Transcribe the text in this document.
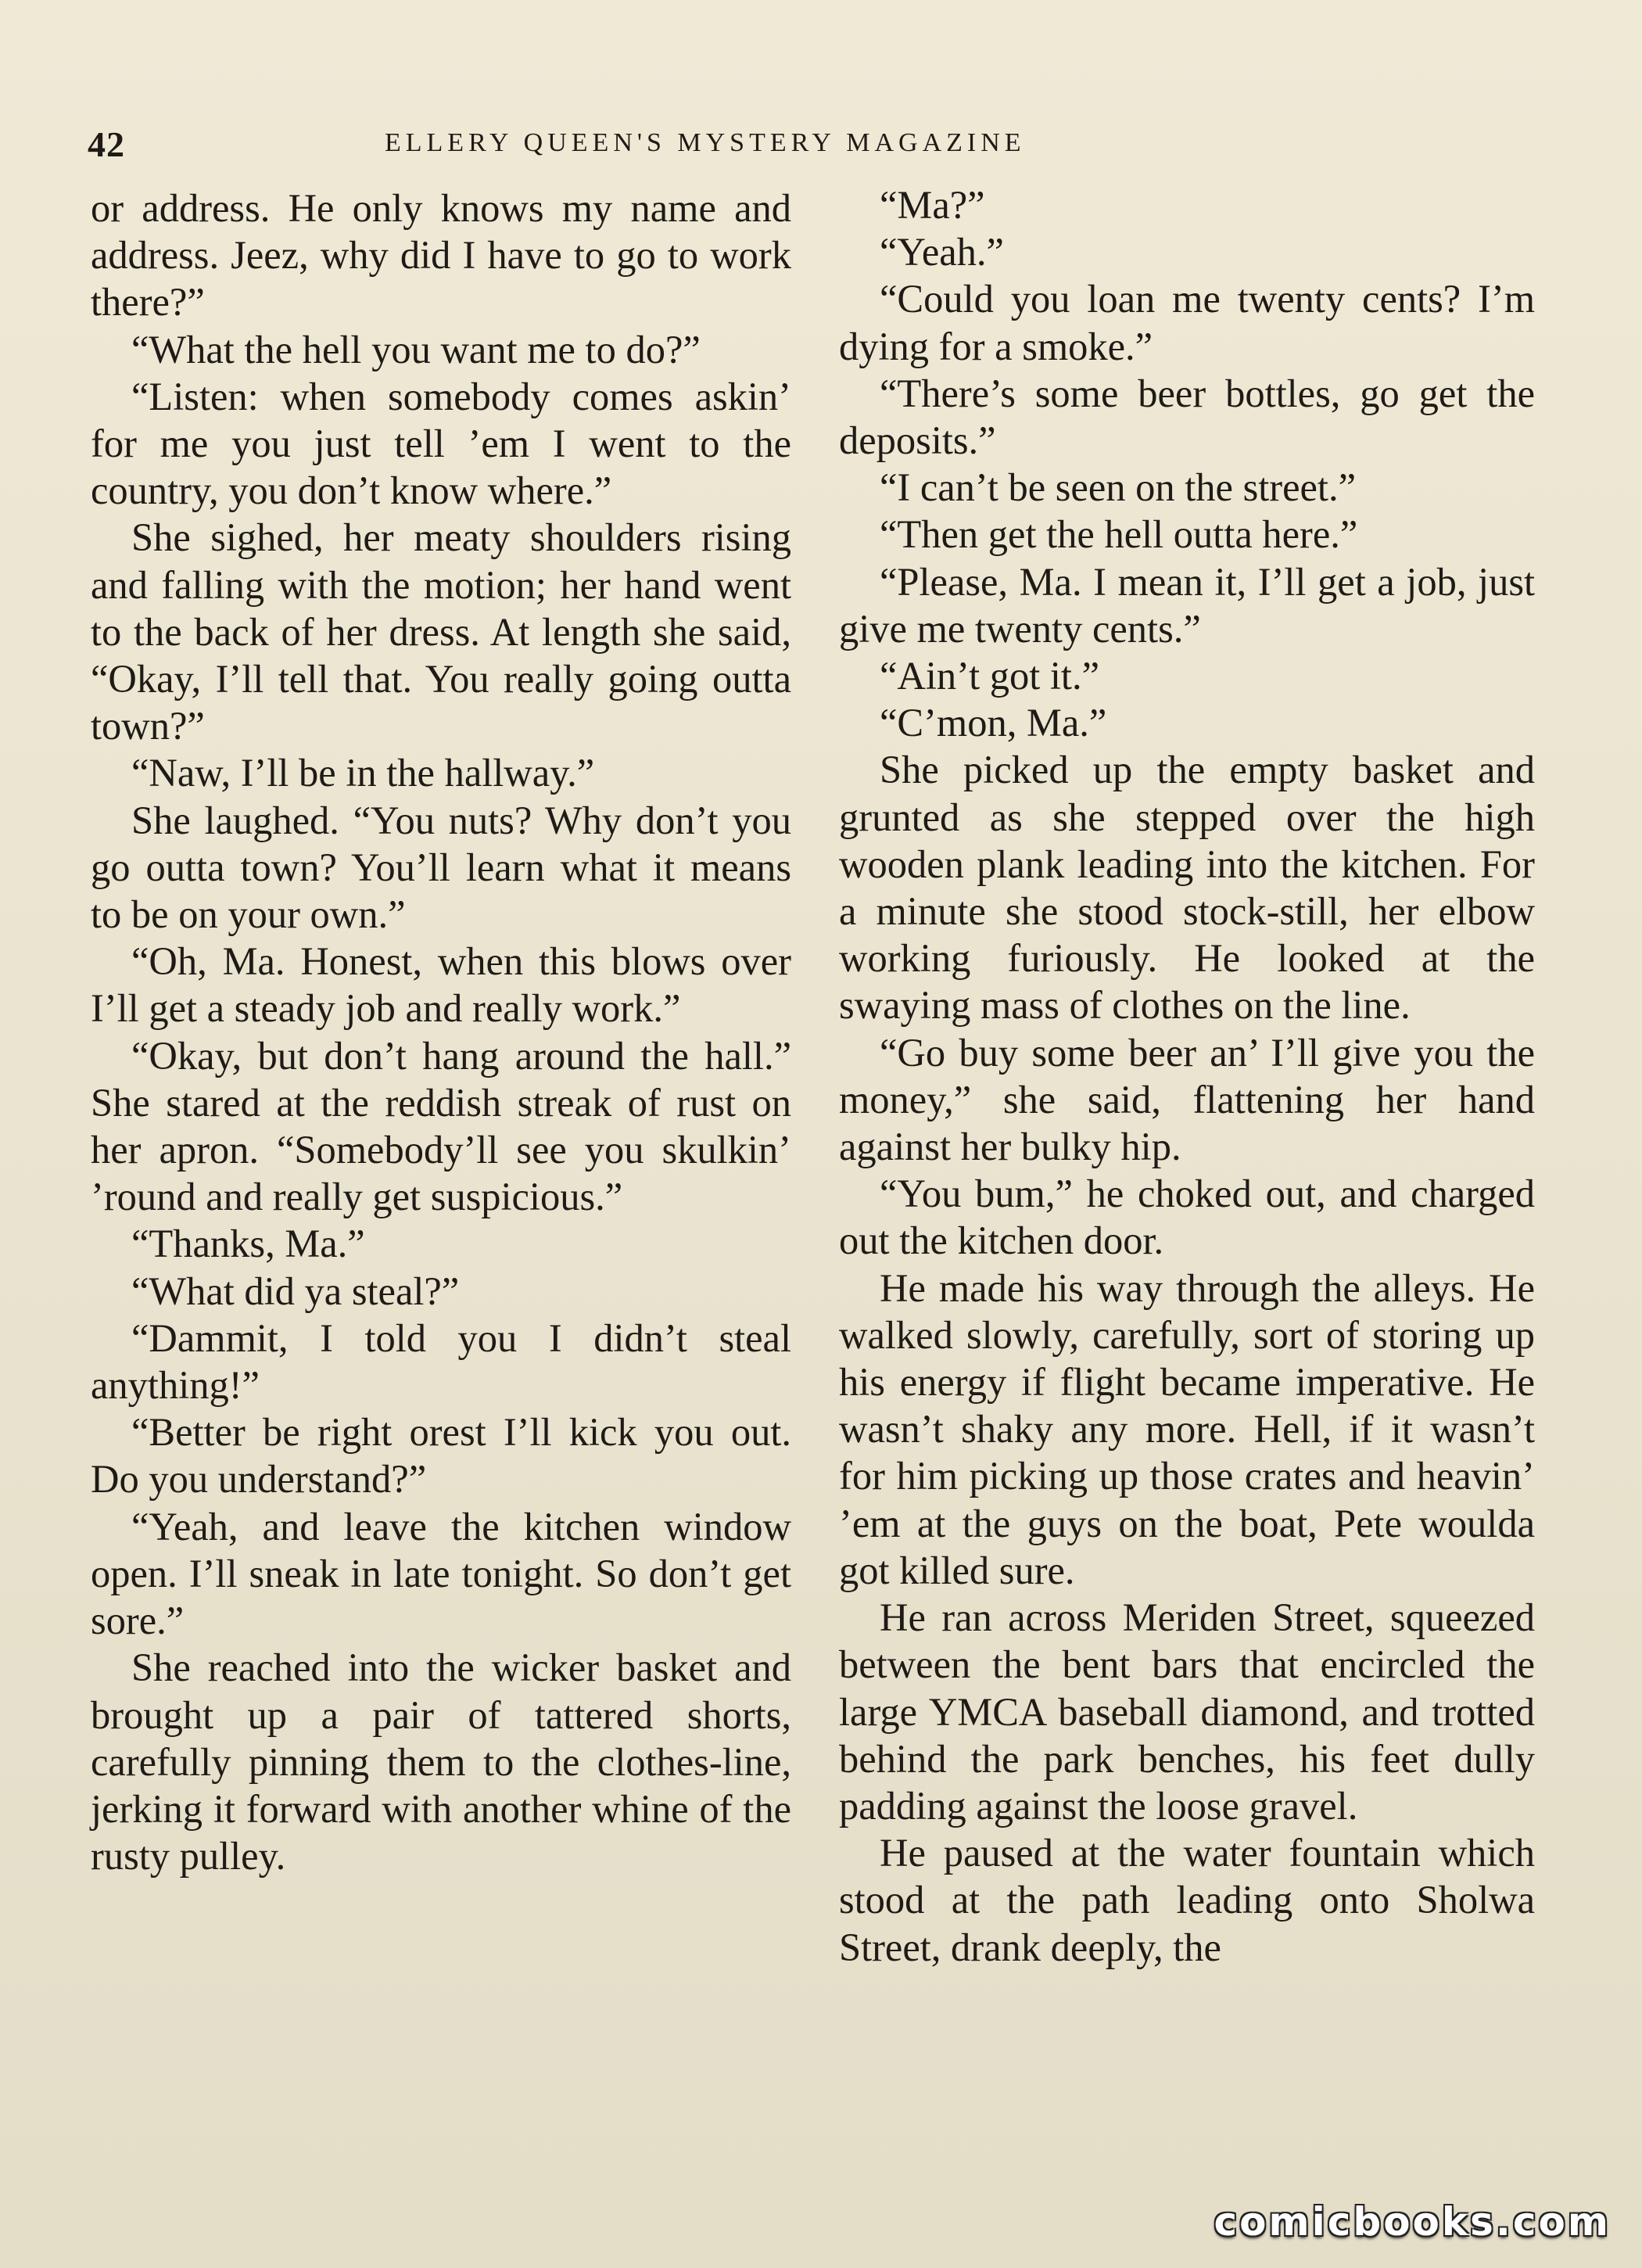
42	ELLERY QUEEN'S MYSTERY MAGAZINE

or address. He only knows my name and address. Jeez, why did I have to go to work there?”

“What the hell you want me to do?”

“Listen: when somebody comes askin’ for me you just tell ’em I went to the country, you don’t know where.”

She sighed, her meaty shoulders rising and falling with the motion; her hand went to the back of her dress. At length she said, “Okay, I’ll tell that. You really going outta town?”

“Naw, I’ll be in the hallway.”

She laughed. “You nuts? Why don’t you go outta town? You’ll learn what it means to be on your own.”

“Oh, Ma. Honest, when this blows over I’ll get a steady job and really work.”

“Okay, but don’t hang around the hall.” She stared at the reddish streak of rust on her apron. “Somebody’ll see you skulkin’ ’round and really get suspicious.”

“Thanks, Ma.”

“What did ya steal?”

“Dammit, I told you I didn’t steal anything!”

“Better be right orest I’ll kick you out. Do you understand?”

“Yeah, and leave the kitchen window open. I’ll sneak in late tonight. So don’t get sore.”

She reached into the wicker basket and brought up a pair of tattered shorts, carefully pinning them to the clothes-line, jerking it forward with another whine of the rusty pulley.

“Ma?”

“Yeah.”

“Could you loan me twenty cents? I’m dying for a smoke.”

“There’s some beer bottles, go get the deposits.”

“I can’t be seen on the street.”

“Then get the hell outta here.”

“Please, Ma. I mean it, I’ll get a job, just give me twenty cents.”

“Ain’t got it.”

“C’mon, Ma.”

She picked up the empty basket and grunted as she stepped over the high wooden plank leading into the kitchen. For a minute she stood stock-still, her elbow working furiously. He looked at the swaying mass of clothes on the line.

“Go buy some beer an’ I’ll give you the money,” she said, flattening her hand against her bulky hip.

“You bum,” he choked out, and charged out the kitchen door.

He made his way through the alleys. He walked slowly, carefully, sort of storing up his energy if flight became imperative. He wasn’t shaky any more. Hell, if it wasn’t for him picking up those crates and heavin’ ’em at the guys on the boat, Pete woulda got killed sure.

He ran across Meriden Street, squeezed between the bent bars that encircled the large YMCA baseball diamond, and trotted behind the park benches, his feet dully padding against the loose gravel.

He paused at the water fountain which stood at the path leading onto Sholwa Street, drank deeply, the

comicbooks.com
